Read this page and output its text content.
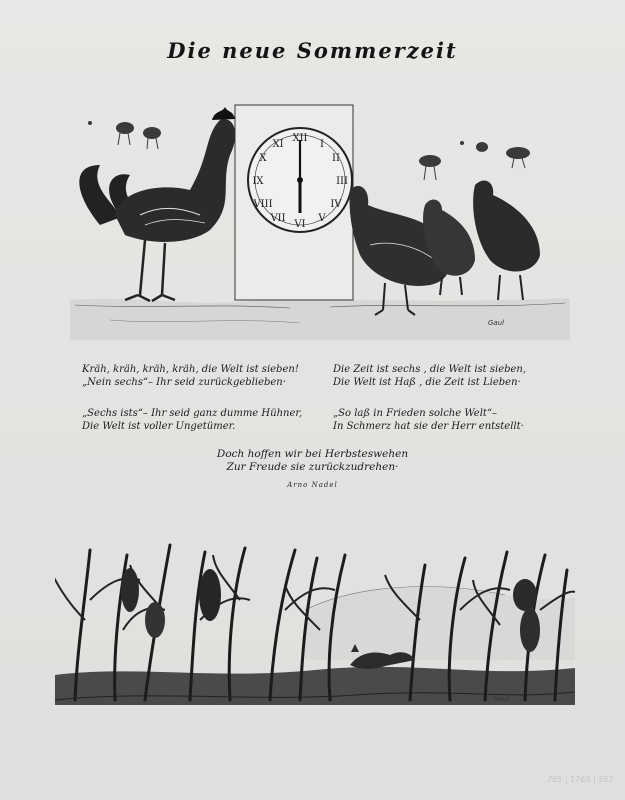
Die neue Sommerzeit
XII
I
II
III
IV
V
VI
VII
VIII
IX
X
XI
Gaul
Kräh, kräh, kräh, kräh, die Welt ist sieben!
„Nein sechs“– Ihr seid zurückgeblieben·
Die Zeit ist sechs , die Welt ist sieben,
Die Welt ist Haß , die Zeit ist Lieben·
„Sechs ists“– Ihr seid ganz dumme Hühner,
Die Welt ist voller Ungetümer.
„So laß in Frieden solche Welt“–
In Schmerz hat sie der Herr entstellt·
Doch hoffen wir bei Herbsteswehen
Zur Freude sie zurückzudrehen·
Arno Nadel
Gaul
765 | 1765 | 551
